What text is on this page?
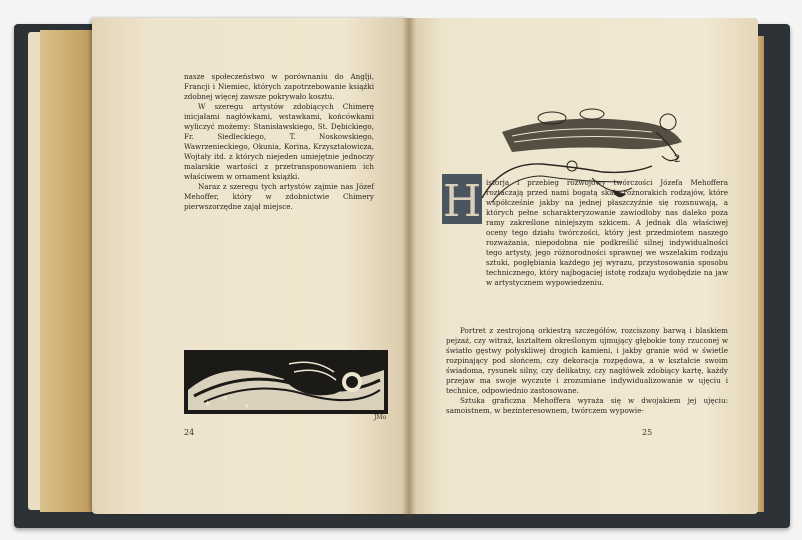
nasze społeczeństwo w porównaniu do Anglji, Francji i Niemiec, których zapotrzebowanie książki zdobnej więcej zawsze pokrywało kosztu.

W szeregu artystów zdobiących Chimerę inicjałami nagłówkami, wstawkami, końcówkami wyliczyć możemy: Stanisławskiego, St. Dębickiego, Fr. Siedleckiego, T. Noskowskiego, Wawrzenieckiego, Okunia, Korina, Krzyształowicza, Wojtały itd. z których niejeden umiejętnie jednoczy malarskie wartości z przetransponowaniem ich właściwem w ornament książki.

Naraz z szeregu tych artystów zajmie nas Józef Mehoffer, który w zdobnictwie Chimery pierwszorzędne zajął miejsce.

★
★
★
JMo
24
2
H istorja i przebieg rozwojowy twórczości Józefa Mehoffera roztaczają przed nami bogatą skalę różnorakich rodzajów, które współcześnie jakby na jednej płaszczyźnie się rozsnuwają, a których pełne scharakteryzowanie zawiodłoby nas daleko poza ramy zakreślone niniejszym szkicem. A jednak dla właściwej oceny tego działu twórczości, który jest przedmiotem naszego rozważania, niepodobna nie podkreślić silnej indywidualności tego artysty, jego różnorodności sprawnej we wszelakim rodzaju sztuki, pogłębiania każdego jej wyrazu, przystosowania sposobu technicznego, który najbogaciej istotę rodzaju wydobędzie na jaw w artystycznem wypowiedzeniu.

Portret z zestrojoną orkiestrą szczegółów, rozciszony barwą i blaskiem pejzaż, czy witraż, kształtem określonym ujmujący głębokie tony rzuconej w światło gęstwy połyskliwej drogich kamieni, i jakby granie wód w świetle rozpinający pod słońcem, czy dekoracja rozpędowa, a w kształcie swoim świadoma, rysunek silny, czy delikatny, czy nagłówek zdobiący kartę, każdy przejaw ma swoje wyczute i zrozumiane indywidualizowanie w ujęciu i technice, odpowiednio zastosowane.

Sztuka graficzna Mehoffera wyraża się w dwojakiem jej ujęciu: samoistnem, w bezinteresownem, twórczem wypowie-

25
